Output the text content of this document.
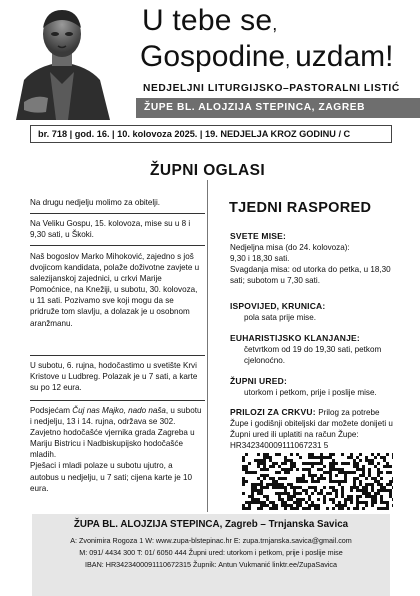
U tebe se,
Gospodine, uzdam!
NEDJELJNI LITURGIJSKO–PASTORALNI LISTIĆ
ŽUPE BL. ALOJZIJA STEPINCA, ZAGREB
br. 718 | god. 16. | 10. kolovoza 2025. | 19. NEDJELJA KROZ GODINU / C
ŽUPNI OGLASI

Na drugu nedjelju molimo za obitelji.

Na Veliku Gospu, 15. kolovoza, mise su u 8 i 9,30 sati, u Škoki.

Naš bogoslov Marko Mihoković, zajedno s još dvojicom kandidata, polaže doživotne zavjete u salezijanskoj zajednici, u crkvi Marije Pomoćnice, na Knežiji, u subotu, 30. kolovoza, u 11 sati. Pozivamo sve koji mogu da se pridruže tom slavlju, a dolazak je u osobnom aranžmanu.

U subotu, 6. rujna, hodočastimo u svetište Krvi Kristove u Ludbreg. Polazak je u 7 sati, a karte su po 12 eura.

Podsjećam Čuj nas Majko, nado naša, u subotu i nedjelju, 13 i 14. rujna, održava se 302. Zavjetno hodočašće vjernika grada Zagreba u Mariju Bistricu i Nadbiskupijsko hodočašće mladih.

Pješaci i mladi polaze u subotu ujutro, a autobus u nedjelju, u 7 sati; cijena karte je 10 eura.

TJEDNI RASPORED
SVETE MISE:
Nedjeljna misa (do 24. kolovoza):
9,30 i 18,30 sati.
Svagdanja misa: od utorka do petka, u 18,30 sati; subotom u 7,30 sati.
ISPOVIJED, KRUNICA:
pola sata prije mise.
EUHARISTIJSKO KLANJANJE:
četvrtkom od 19 do 19,30 sati, petkom cjelonoćno.
ŽUPNI URED:
utorkom i petkom, prije i poslije mise.
PRILOZI ZA CRKVU: Prilog za potrebe Župe i godišnji obiteljski dar možete donijeti u Župni ured ili uplatiti na račun Župe: HR342340009111067231 5
ŽUPA BL. ALOJZIJA STEPINCA, Zagreb – Trnjanska Savica
A: Zvonimira Rogoza 1 W: www.zupa-blstepinac.hr E: zupa.trnjanska.savica@gmail.com
M: 091/ 4434 300 T: 01/ 6050 444 Župni ured: utorkom i petkom, prije i poslije mise
IBAN: HR3423400091110672315 Župnik: Antun Vukmanić linktr.ee/ZupaSavica
